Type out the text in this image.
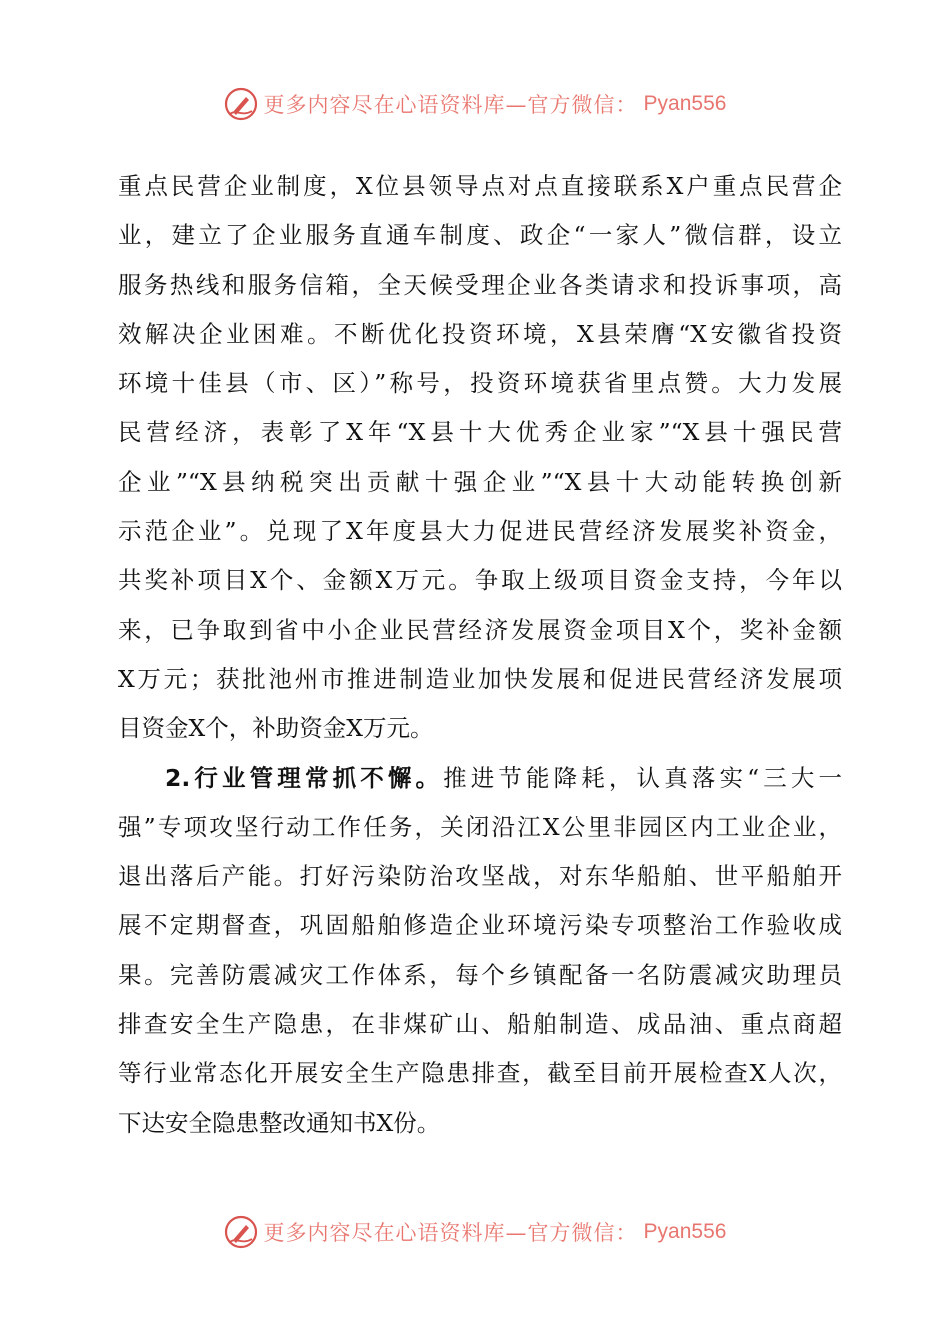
更多内容尽在心语资料库—官方微信： Pyan556
重点民营企业制度，X位县领导点对点直接联系X户重点民营企
业，建立了企业服务直通车制度、政企“一家人”微信群，设立
服务热线和服务信箱，全天候受理企业各类请求和投诉事项，高
效解决企业困难。不断优化投资环境，X县荣膺“X安徽省投资
环境十佳县（市、区）”称号，投资环境获省里点赞。大力发展
民营经济，表彰了X年“X县十大优秀企业家”“X县十强民营
企业”“X县纳税突出贡献十强企业”“X县十大动能转换创新
示范企业”。兑现了X年度县大力促进民营经济发展奖补资金，
共奖补项目X个、金额X万元。争取上级项目资金支持，今年以
来，已争取到省中小企业民营经济发展资金项目X个，奖补金额
X万元；获批池州市推进制造业加快发展和促进民营经济发展项
目资金X个，补助资金X万元。
2.行业管理常抓不懈。推进节能降耗，认真落实“三大一
强”专项攻坚行动工作任务，关闭沿江X公里非园区内工业企业，
退出落后产能。打好污染防治攻坚战，对东华船舶、世平船舶开
展不定期督查，巩固船舶修造企业环境污染专项整治工作验收成
果。完善防震减灾工作体系，每个乡镇配备一名防震减灾助理员
排查安全生产隐患，在非煤矿山、船舶制造、成品油、重点商超
等行业常态化开展安全生产隐患排查，截至目前开展检查X人次，
下达安全隐患整改通知书X份。
更多内容尽在心语资料库—官方微信： Pyan556
